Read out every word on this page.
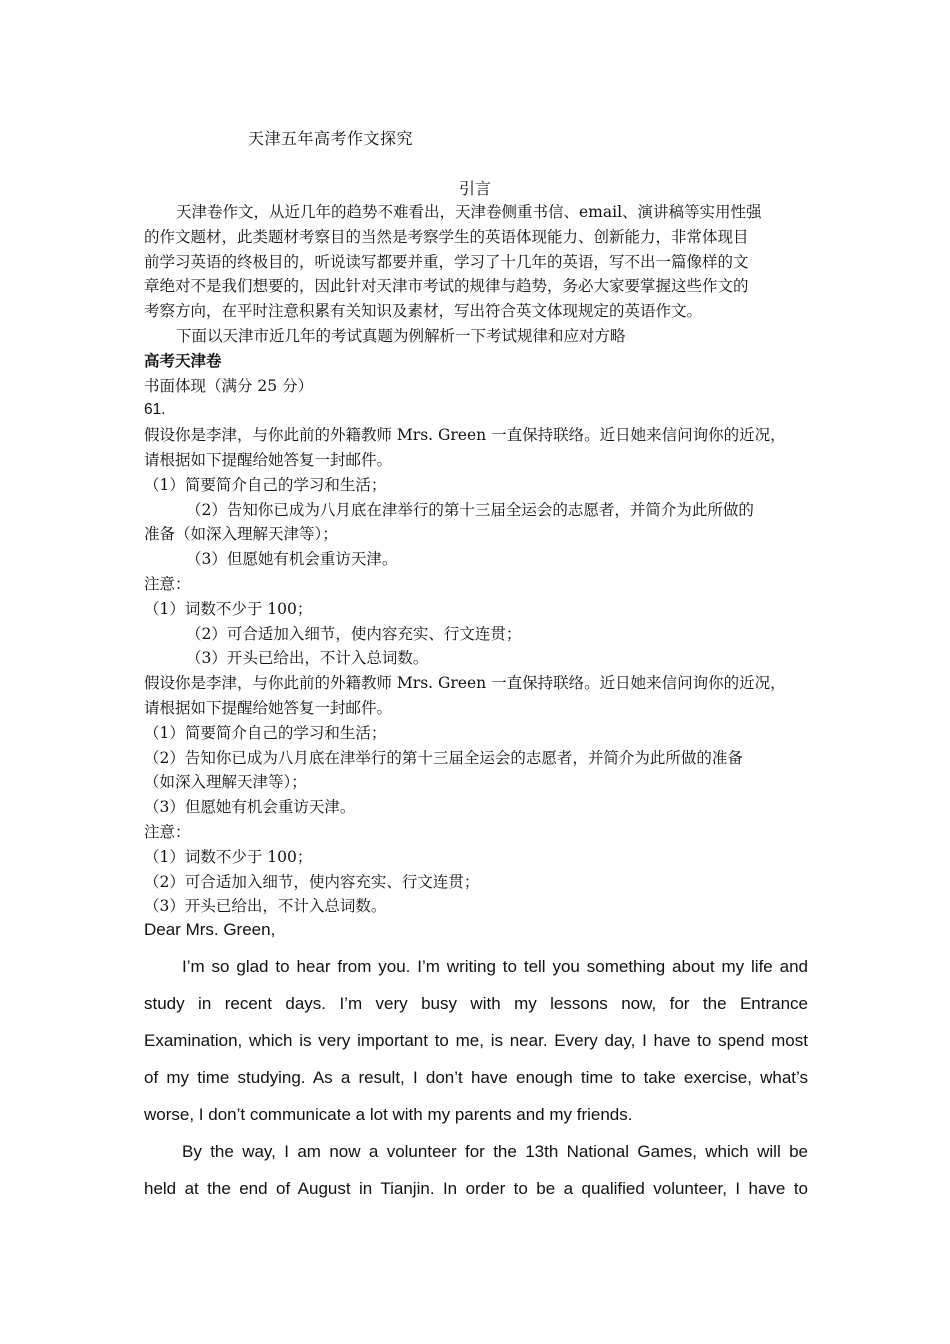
天津五年高考作文探究
引言

天津卷作文，从近几年的趋势不难看出，天津卷侧重书信、email、演讲稿等实用性强

的作文题材，此类题材考察目的当然是考察学生的英语体现能力、创新能力，非常体现目

前学习英语的终极目的，听说读写都要并重，学习了十几年的英语，写不出一篇像样的文

章绝对不是我们想要的，因此针对天津市考试的规律与趋势，务必大家要掌握这些作文的

考察方向，在平时注意积累有关知识及素材，写出符合英文体现规定的英语作文。

下面以天津市近几年的考试真题为例解析一下考试规律和应对方略

高考天津卷

书面体现（满分 25 分）

61.

假设你是李津，与你此前的外籍教师 Mrs. Green 一直保持联络。近日她来信问询你的近况，

请根据如下提醒给她答复一封邮件。

（1）简要简介自己的学习和生活；

（2）告知你已成为八月底在津举行的第十三届全运会的志愿者，并简介为此所做的

准备（如深入理解天津等）；

（3）但愿她有机会重访天津。

注意：

（1）词数不少于 100；

（2）可合适加入细节，使内容充实、行文连贯；

（3）开头已给出，不计入总词数。

假设你是李津，与你此前的外籍教师 Mrs. Green 一直保持联络。近日她来信问询你的近况，

请根据如下提醒给她答复一封邮件。

（1）简要简介自己的学习和生活；

（2）告知你已成为八月底在津举行的第十三届全运会的志愿者，并简介为此所做的准备

（如深入理解天津等）；

（3）但愿她有机会重访天津。

注意：

（1）词数不少于 100；

（2）可合适加入细节，使内容充实、行文连贯；

（3）开头已给出，不计入总词数。

Dear Mrs. Green,

I’m so glad to hear from you. I’m writing to tell you something about my life and
study in recent days. I’m very busy with my lessons now, for the Entrance
Examination, which is very important to me, is near. Every day, I have to spend most
of my time studying. As a result, I don’t have enough time to take exercise, what’s
worse, I don’t communicate a lot with my parents and my friends.

By the way, I am now a volunteer for the 13th National Games, which will be
held at the end of August in Tianjin. In order to be a qualified volunteer, I have to
